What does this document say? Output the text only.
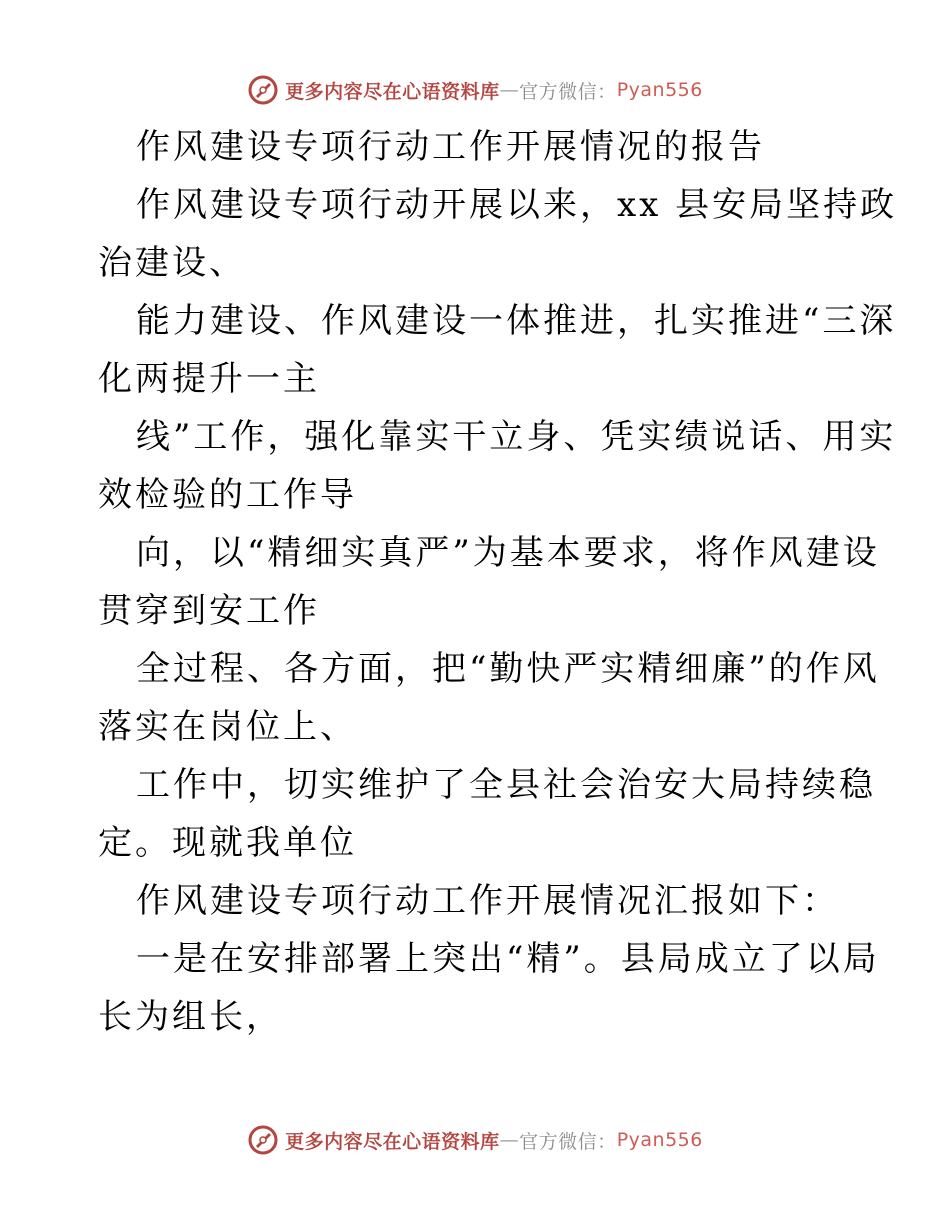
更多内容尽在心语资料库 — 官方微信： Pyan556
作风建设专项行动工作开展情况的报告
作风建设专项行动开展以来，xx 县安局坚持政
治建设、
能力建设、作风建设一体推进，扎实推进“三深
化两提升一主
线”工作，强化靠实干立身、凭实绩说话、用实
效检验的工作导
向，以“精细实真严”为基本要求，将作风建设
贯穿到安工作
全过程、各方面，把“勤快严实精细廉”的作风
落实在岗位上、
工作中，切实维护了全县社会治安大局持续稳
定。现就我单位
作风建设专项行动工作开展情况汇报如下：
一是在安排部署上突出“精”。县局成立了以局
长为组长，
更多内容尽在心语资料库 — 官方微信： Pyan556
